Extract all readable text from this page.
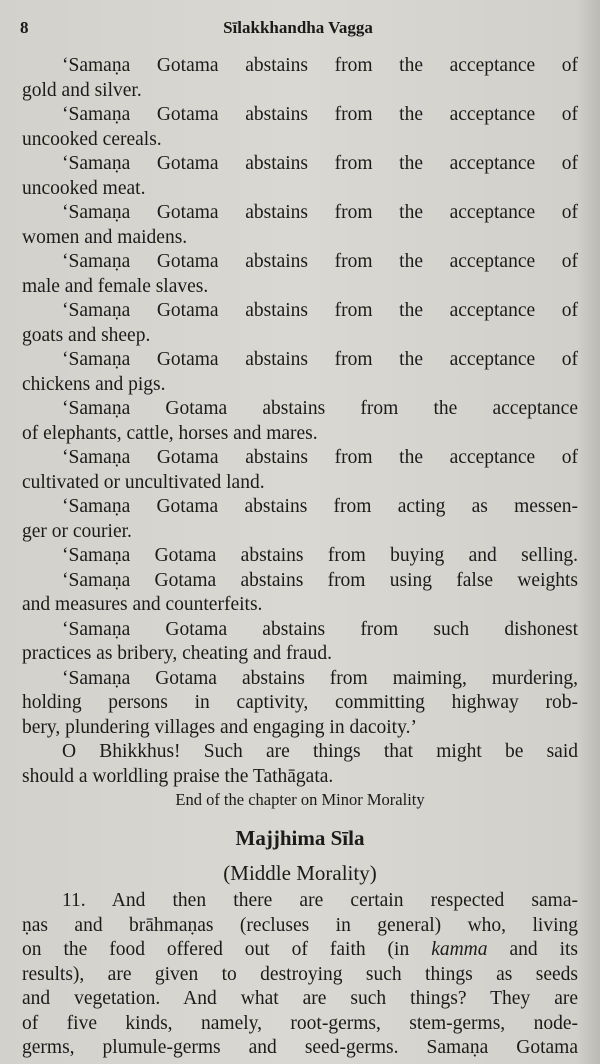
8	Sīlakkhandha Vagga
‘Samaṇa Gotama abstains from the acceptance of
gold and silver.
‘Samaṇa Gotama abstains from the acceptance of
uncooked cereals.
‘Samaṇa Gotama abstains from the acceptance of
uncooked meat.
‘Samaṇa Gotama abstains from the acceptance of
women and maidens.
‘Samaṇa Gotama abstains from the acceptance of
male and female slaves.
‘Samaṇa Gotama abstains from the acceptance of
goats and sheep.
‘Samaṇa Gotama abstains from the acceptance of
chickens and pigs.
‘Samaṇa Gotama abstains from the acceptance
of elephants, cattle, horses and mares.
‘Samaṇa Gotama abstains from the acceptance of
cultivated or uncultivated land.
‘Samaṇa Gotama abstains from acting as messen-
ger or courier.
‘Samaṇa Gotama abstains from buying and selling.
‘Samaṇa Gotama abstains from using false weights
and measures and counterfeits.
‘Samaṇa Gotama abstains from such dishonest
practices as bribery, cheating and fraud.
‘Samaṇa Gotama abstains from maiming, murdering,
holding persons in captivity, committing highway rob-
bery, plundering villages and engaging in dacoity.’
O Bhikkhus! Such are things that might be said
should a worldling praise the Tathāgata.
End of the chapter on Minor Morality
Majjhima Sīla
(Middle Morality)
11. And then there are certain respected sama-
ṇas and brāhmaṇas (recluses in general) who, living
on the food offered out of faith (in kamma and its
results), are given to destroying such things as seeds
and vegetation. And what are such things? They are
of five kinds, namely, root-germs, stem-germs, node-
germs, plumule-germs and seed-germs. Samaṇa Gotama
